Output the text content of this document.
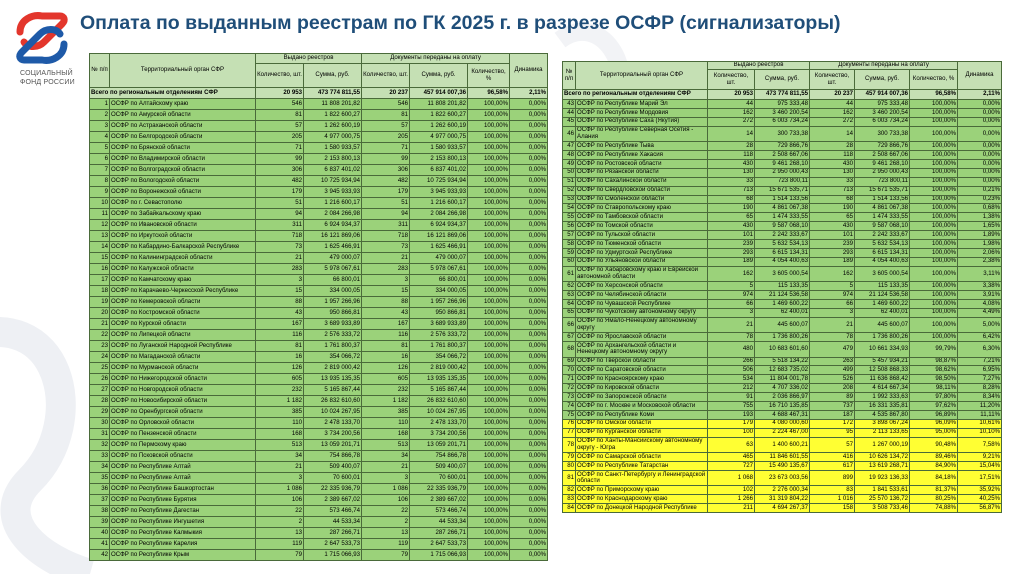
СОЦИАЛЬНЫЙ ФОНД РОССИИ
Оплата по выданным реестрам по ГК 2025 г. в разрезе ОСФР (сигнализаторы)
№ п/п	Территориальный орган СФР	Выдано реестров		Документы переданы на оплату			Динамика
		Количество, шт.	Сумма, руб.	Количество, шт.	Сумма, руб.	Количество, %	
Всего по региональным отделениям СФР		20 953	473 774 811,55	20 237	457 914 007,36	96,58%	2,11%
1	ОСФР по Алтайскому краю	546	11 808 201,82	546	11 808 201,82	100,00%	0,00%
2	ОСФР по Амурской области	81	1 822 600,27	81	1 822 600,27	100,00%	0,00%
3	ОСФР по Астраханской области	57	1 262 600,19	57	1 262 600,19	100,00%	0,00%
4	ОСФР по Белгородской области	205	4 977 000,75	205	4 977 000,75	100,00%	0,00%
5	ОСФР по Брянской области	71	1 580 933,57	71	1 580 933,57	100,00%	0,00%
6	ОСФР по Владимирской области	99	2 153 800,13	99	2 153 800,13	100,00%	0,00%
7	ОСФР по Волгоградской области	306	6 837 401,02	306	6 837 401,02	100,00%	0,00%
8	ОСФР по Вологодской области	482	10 725 934,94	482	10 725 934,94	100,00%	0,00%
9	ОСФР по Воронежской области	179	3 945 933,93	179	3 945 933,93	100,00%	0,00%
10	ОСФР по г. Севастополю	51	1 216 600,17	51	1 216 600,17	100,00%	0,00%
11	ОСФР по Забайкальскому краю	94	2 084 266,98	94	2 084 266,98	100,00%	0,00%
12	ОСФР по Ивановской области	311	6 924 934,37	311	6 924 934,37	100,00%	0,00%
13	ОСФР по Иркутской области	718	16 121 869,06	718	16 121 869,06	100,00%	0,00%
14	ОСФР по Кабардино-Балкарской Республике	73	1 625 466,91	73	1 625 466,91	100,00%	0,00%
15	ОСФР по Калининградской области	21	479 000,07	21	479 000,07	100,00%	0,00%
16	ОСФР по Калужской области	283	5 978 067,61	283	5 978 067,61	100,00%	0,00%
17	ОСФР по Камчатскому краю	3	66 800,01	3	66 800,01	100,00%	0,00%
18	ОСФР по Карачаево-Черкесской Республике	15	334 000,05	15	334 000,05	100,00%	0,00%
19	ОСФР по Кемеровской области	88	1 957 266,96	88	1 957 266,96	100,00%	0,00%
20	ОСФР по Костромской области	43	950 866,81	43	950 866,81	100,00%	0,00%
21	ОСФР по Курской области	167	3 689 933,89	167	3 689 933,89	100,00%	0,00%
22	ОСФР по Липецкой области	116	2 576 333,72	116	2 576 333,72	100,00%	0,00%
23	ОСФР по Луганской Народной Республике	81	1 761 800,37	81	1 761 800,37	100,00%	0,00%
24	ОСФР по Магаданской области	16	354 066,72	16	354 066,72	100,00%	0,00%
25	ОСФР по Мурманской области	126	2 819 000,42	126	2 819 000,42	100,00%	0,00%
26	ОСФР по Нижегородской области	605	13 935 135,35	605	13 935 135,35	100,00%	0,00%
27	ОСФР по Новгородской области	232	5 165 867,44	232	5 165 867,44	100,00%	0,00%
28	ОСФР по Новосибирской области	1 182	26 832 610,60	1 182	26 832 610,60	100,00%	0,00%
29	ОСФР по Оренбургской области	385	10 024 267,95	385	10 024 267,95	100,00%	0,00%
30	ОСФР по Орловской области	110	2 478 133,70	110	2 478 133,70	100,00%	0,00%
31	ОСФР по Пензенской области	168	3 734 200,56	168	3 734 200,56	100,00%	0,00%
32	ОСФР по Пермскому краю	513	13 059 201,71	513	13 059 201,71	100,00%	0,00%
33	ОСФР по Псковской области	34	754 866,78	34	754 866,78	100,00%	0,00%
34	ОСФР по Республике Алтай	21	509 400,07	21	509 400,07	100,00%	0,00%
35	ОСФР по Республике Алтай	3	70 600,01	3	70 600,01	100,00%	0,00%
36	ОСФР по Республике Башкортостан	1 086	22 335 936,79	1 086	22 335 936,79	100,00%	0,00%
37	ОСФР по Республике Бурятия	106	2 389 667,02	106	2 389 667,02	100,00%	0,00%
38	ОСФР по Республике Дагестан	22	573 466,74	22	573 466,74	100,00%	0,00%
39	ОСФР по Республике Ингушетия	2	44 533,34	2	44 533,34	100,00%	0,00%
40	ОСФР по Республике Калмыкия	13	287 266,71	13	287 266,71	100,00%	0,00%
41	ОСФР по Республике Карелия	119	2 647 533,73	119	2 647 533,73	100,00%	0,00%
42	ОСФР по Республике Крым	79	1 715 066,93	79	1 715 066,93	100,00%	0,00%
№ п/п	Территориальный орган СФР	Выдано реестров		Документы переданы на оплату			Динамика
		Количество, шт.	Сумма, руб.	Количество, шт.	Сумма, руб.	Количество, %	
Всего по региональным отделениям СФР		20 953	473 774 811,55	20 237	457 914 007,36	96,58%	2,11%
43	ОСФР по Республике Марий Эл	44	975 333,48	44	975 333,48	100,00%	0,00%
44	ОСФР по Республике Мордовия	162	3 460 200,54	162	3 460 200,54	100,00%	0,00%
45	ОСФР по Республике Саха (Якутия)	272	6 003 734,24	272	6 003 734,24	100,00%	0,00%
46	ОСФР по Республике Северная Осетия - Алания	14	300 733,38	14	300 733,38	100,00%	0,00%
47	ОСФР по Республике Тыва	28	729 866,76	28	729 866,76	100,00%	0,00%
48	ОСФР по Республике Хакасия	118	2 508 667,06	118	2 508 667,06	100,00%	0,00%
49	ОСФР по Ростовской области	430	9 461 268,10	430	9 461 268,10	100,00%	0,00%
50	ОСФР по Рязанской области	130	2 950 000,43	130	2 950 000,43	100,00%	0,00%
51	ОСФР по Сахалинской области	33	723 800,11	33	723 800,11	100,00%	0,00%
52	ОСФР по Свердловской области	713	15 671 535,71	713	15 671 535,71	100,00%	0,21%
53	ОСФР по Смоленской области	68	1 514 133,56	68	1 514 133,56	100,00%	0,23%
54	ОСФР по Ставропольскому краю	190	4 861 067,38	190	4 861 067,38	100,00%	0,68%
55	ОСФР по Тамбовской области	65	1 474 333,55	65	1 474 333,55	100,00%	1,38%
56	ОСФР по Томской области	430	9 587 068,10	430	9 587 068,10	100,00%	1,65%
57	ОСФР по Тульской области	101	2 242 333,67	101	2 242 333,67	100,00%	1,89%
58	ОСФР по Тюменской области	239	5 632 534,13	239	5 632 534,13	100,00%	1,98%
59	ОСФР по Удмуртской Республике	293	6 615 134,31	293	6 615 134,31	100,00%	2,06%
60	ОСФР по Ульяновской области	189	4 054 400,63	189	4 054 400,63	100,00%	2,38%
61	ОСФР по Хабаровскому краю и Еврейской автономной области	162	3 605 000,54	162	3 605 000,54	100,00%	3,11%
62	ОСФР по Херсонской области	5	115 133,35	5	115 133,35	100,00%	3,38%
63	ОСФР по Челябинской области	974	21 124 536,58	974	21 124 536,58	100,00%	3,91%
64	ОСФР по Чувашской Республике	66	1 469 600,22	66	1 469 600,22	100,00%	4,08%
65	ОСФР по Чукотскому автономному округу	3	62 400,01	3	62 400,01	100,00%	4,49%
66	ОСФР по Ямало-Ненецкому автономному округу	21	445 600,07	21	445 600,07	100,00%	5,00%
67	ОСФР по Ярославской области	78	1 736 800,26	78	1 736 800,26	100,00%	6,42%
68	ОСФР по Архангельской области и Ненецкому автономному округу	480	10 683 601,60	479	10 661 334,93	99,79%	6,30%
69	ОСФР по Тверской области	266	5 518 134,22	263	5 457 934,21	98,87%	7,21%
70	ОСФР по Саратовской области	506	12 683 735,02	499	12 508 868,33	98,62%	6,95%
71	ОСФР по Красноярскому краю	534	11 804 001,78	526	11 636 868,42	98,50%	7,27%
72	ОСФР по Кировской области	212	4 707 336,02	208	4 614 667,34	98,11%	8,28%
73	ОСФР по Запорожской области	91	2 036 866,97	89	1 992 333,63	97,80%	8,34%
74	ОСФР по г. Москве и Московской области	755	16 710 135,85	737	16 331 335,81	97,62%	11,20%
75	ОСФР по Республике Коми	193	4 688 467,31	187	4 535 867,80	96,89%	11,11%
76	ОСФР по Омской области	179	4 080 000,60	172	3 898 067,24	96,09%	10,61%
77	ОСФР по Курганской области	100	2 224 467,00	95	2 113 133,65	95,00%	10,10%
78	ОСФР по Ханты-Мансийскому автономному округу - Югра	63	1 400 600,21	57	1 267 000,19	90,48%	7,58%
79	ОСФР по Самарской области	465	11 846 601,55	416	10 626 134,72	89,46%	9,21%
80	ОСФР по Республике Татарстан	727	15 490 135,67	617	13 619 268,71	84,90%	15,04%
81	ОСФР по Санкт-Петербургу и Ленинградской области	1 068	23 673 003,56	899	19 923 136,33	84,18%	17,51%
82	ОСФР по Приморскому краю	102	2 276 000,34	83	1 841 533,61	81,37%	35,92%
83	ОСФР по Краснодарскому краю	1 266	31 319 804,22	1 016	25 570 136,72	80,25%	40,25%
84	ОСФР по Донецкой Народной Республике	211	4 694 267,37	158	3 508 733,46	74,88%	56,87%
